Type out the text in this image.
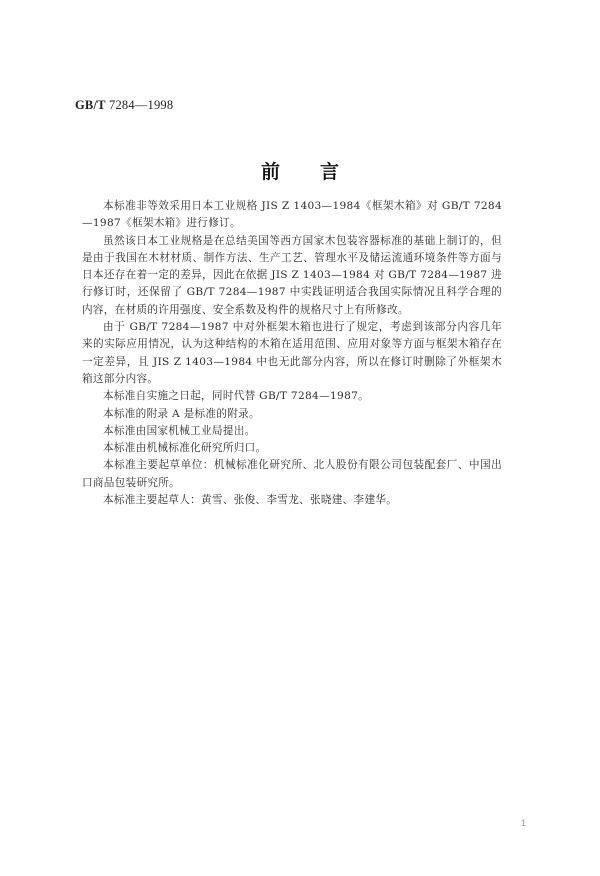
GB/T 7284—1998
前言

本标准非等效采用日本工业规格 JIS Z 1403—1984《框架木箱》对 GB/T 7284—1987《框架木箱》进行修订。

虽然该日本工业规格是在总结美国等西方国家木包装容器标准的基础上制订的，但是由于我国在木材材质、制作方法、生产工艺、管理水平及储运流通环境条件等方面与日本还存在着一定的差异，因此在依据 JIS Z 1403—1984 对 GB/T 7284—1987 进行修订时，还保留了 GB/T 7284—1987 中实践证明适合我国实际情况且科学合理的内容，在材质的许用强度、安全系数及构件的规格尺寸上有所修改。

由于 GB/T 7284—1987 中对外框架木箱也进行了规定，考虑到该部分内容几年来的实际应用情况，认为这种结构的木箱在适用范围、应用对象等方面与框架木箱存在一定差异，且 JIS Z 1403—1984 中也无此部分内容，所以在修订时删除了外框架木箱这部分内容。

本标准自实施之日起，同时代替 GB/T 7284—1987。

本标准的附录 A 是标准的附录。

本标准由国家机械工业局提出。

本标准由机械标准化研究所归口。

本标准主要起草单位：机械标准化研究所、北人股份有限公司包装配套厂、中国出口商品包装研究所。

本标准主要起草人：黄雪、张俊、李雪龙、张晓建、李建华。

1
